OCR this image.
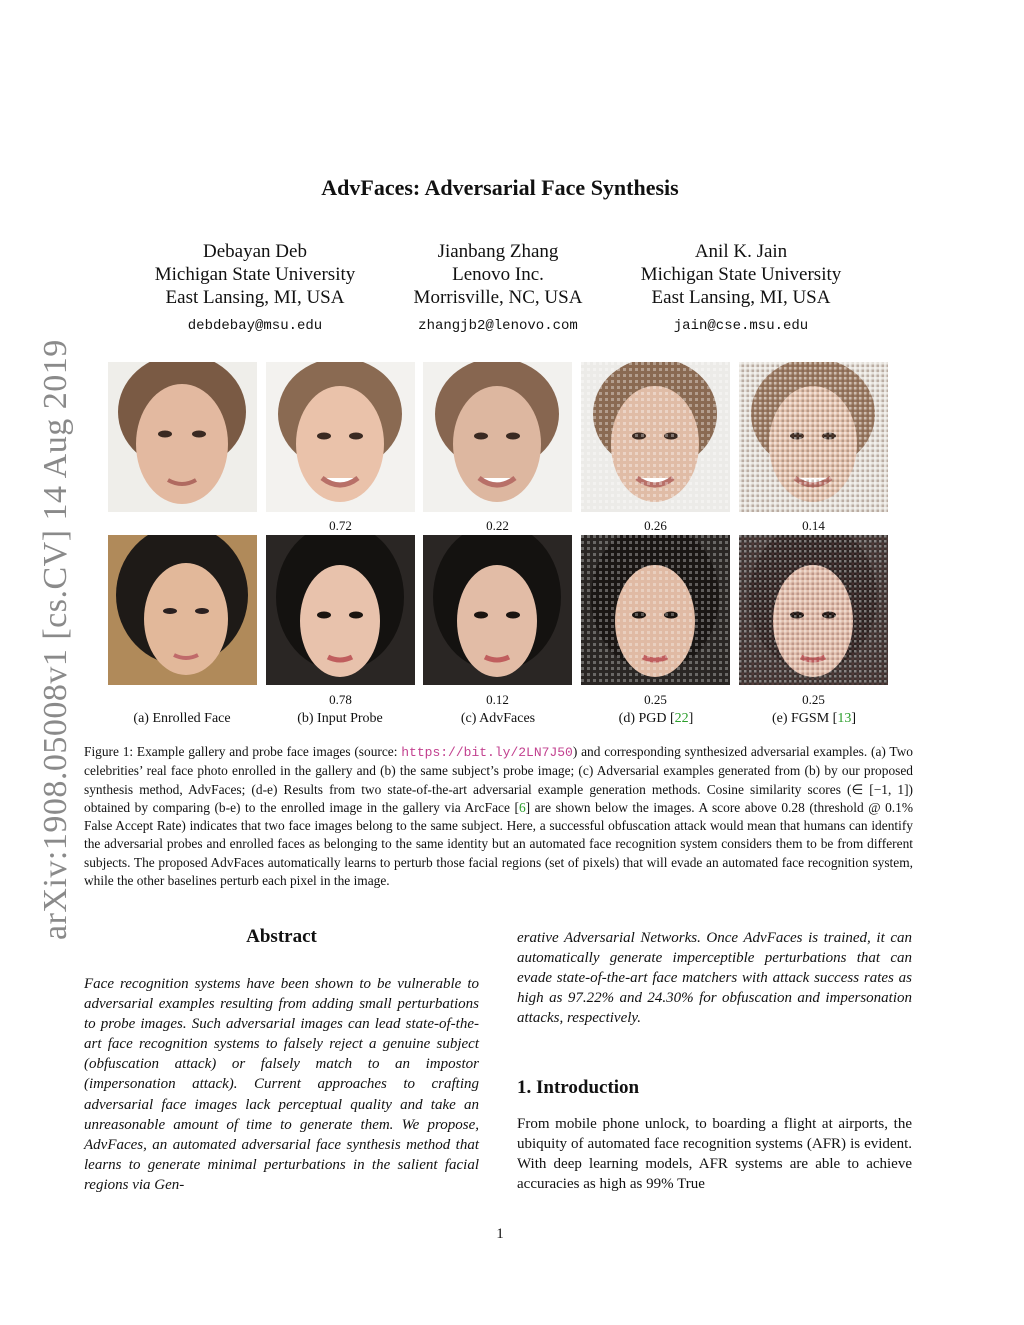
arXiv:1908.05008v1 [cs.CV] 14 Aug 2019
AdvFaces: Adversarial Face Synthesis
Debayan Deb
Michigan State University
East Lansing, MI, USA
debdebay@msu.edu
Jianbang Zhang
Lenovo Inc.
Morrisville, NC, USA
zhangjb2@lenovo.com
Anil K. Jain
Michigan State University
East Lansing, MI, USA
jain@cse.msu.edu
0.72	0.22	0.26	0.14
0.78	0.12	0.25	0.25
(a) Enrolled Face	(b) Input Probe	(c) AdvFaces	(d) PGD [22]	(e) FGSM [13]
Figure 1: Example gallery and probe face images (source: https://bit.ly/2LN7J50) and corresponding synthesized adversarial examples. (a) Two celebrities’ real face photo enrolled in the gallery and (b) the same subject’s probe image; (c) Adversarial examples generated from (b) by our proposed synthesis method, AdvFaces; (d-e) Results from two state-of-the-art adversarial example generation methods. Cosine similarity scores (∈ [−1, 1]) obtained by comparing (b-e) to the enrolled image in the gallery via ArcFace [6] are shown below the images. A score above 0.28 (threshold @ 0.1% False Accept Rate) indicates that two face images belong to the same subject. Here, a successful obfuscation attack would mean that humans can identify the adversarial probes and enrolled faces as belonging to the same identity but an automated face recognition system considers them to be from different subjects. The proposed AdvFaces automatically learns to perturb those facial regions (set of pixels) that will evade an automated face recognition system, while the other baselines perturb each pixel in the image.
Abstract
Face recognition systems have been shown to be vulnerable to adversarial examples resulting from adding small perturbations to probe images. Such adversarial images can lead state-of-the-art face recognition systems to falsely reject a genuine subject (obfuscation attack) or falsely match to an impostor (impersonation attack). Current approaches to crafting adversarial face images lack perceptual quality and take an unreasonable amount of time to generate them. We propose, AdvFaces, an automated adversarial face synthesis method that learns to generate minimal perturbations in the salient facial regions via Gen-
erative Adversarial Networks. Once AdvFaces is trained, it can automatically generate imperceptible perturbations that can evade state-of-the-art face matchers with attack success rates as high as 97.22% and 24.30% for obfuscation and impersonation attacks, respectively.
1. Introduction
From mobile phone unlock, to boarding a flight at airports, the ubiquity of automated face recognition systems (AFR) is evident. With deep learning models, AFR systems are able to achieve accuracies as high as 99% True
1
